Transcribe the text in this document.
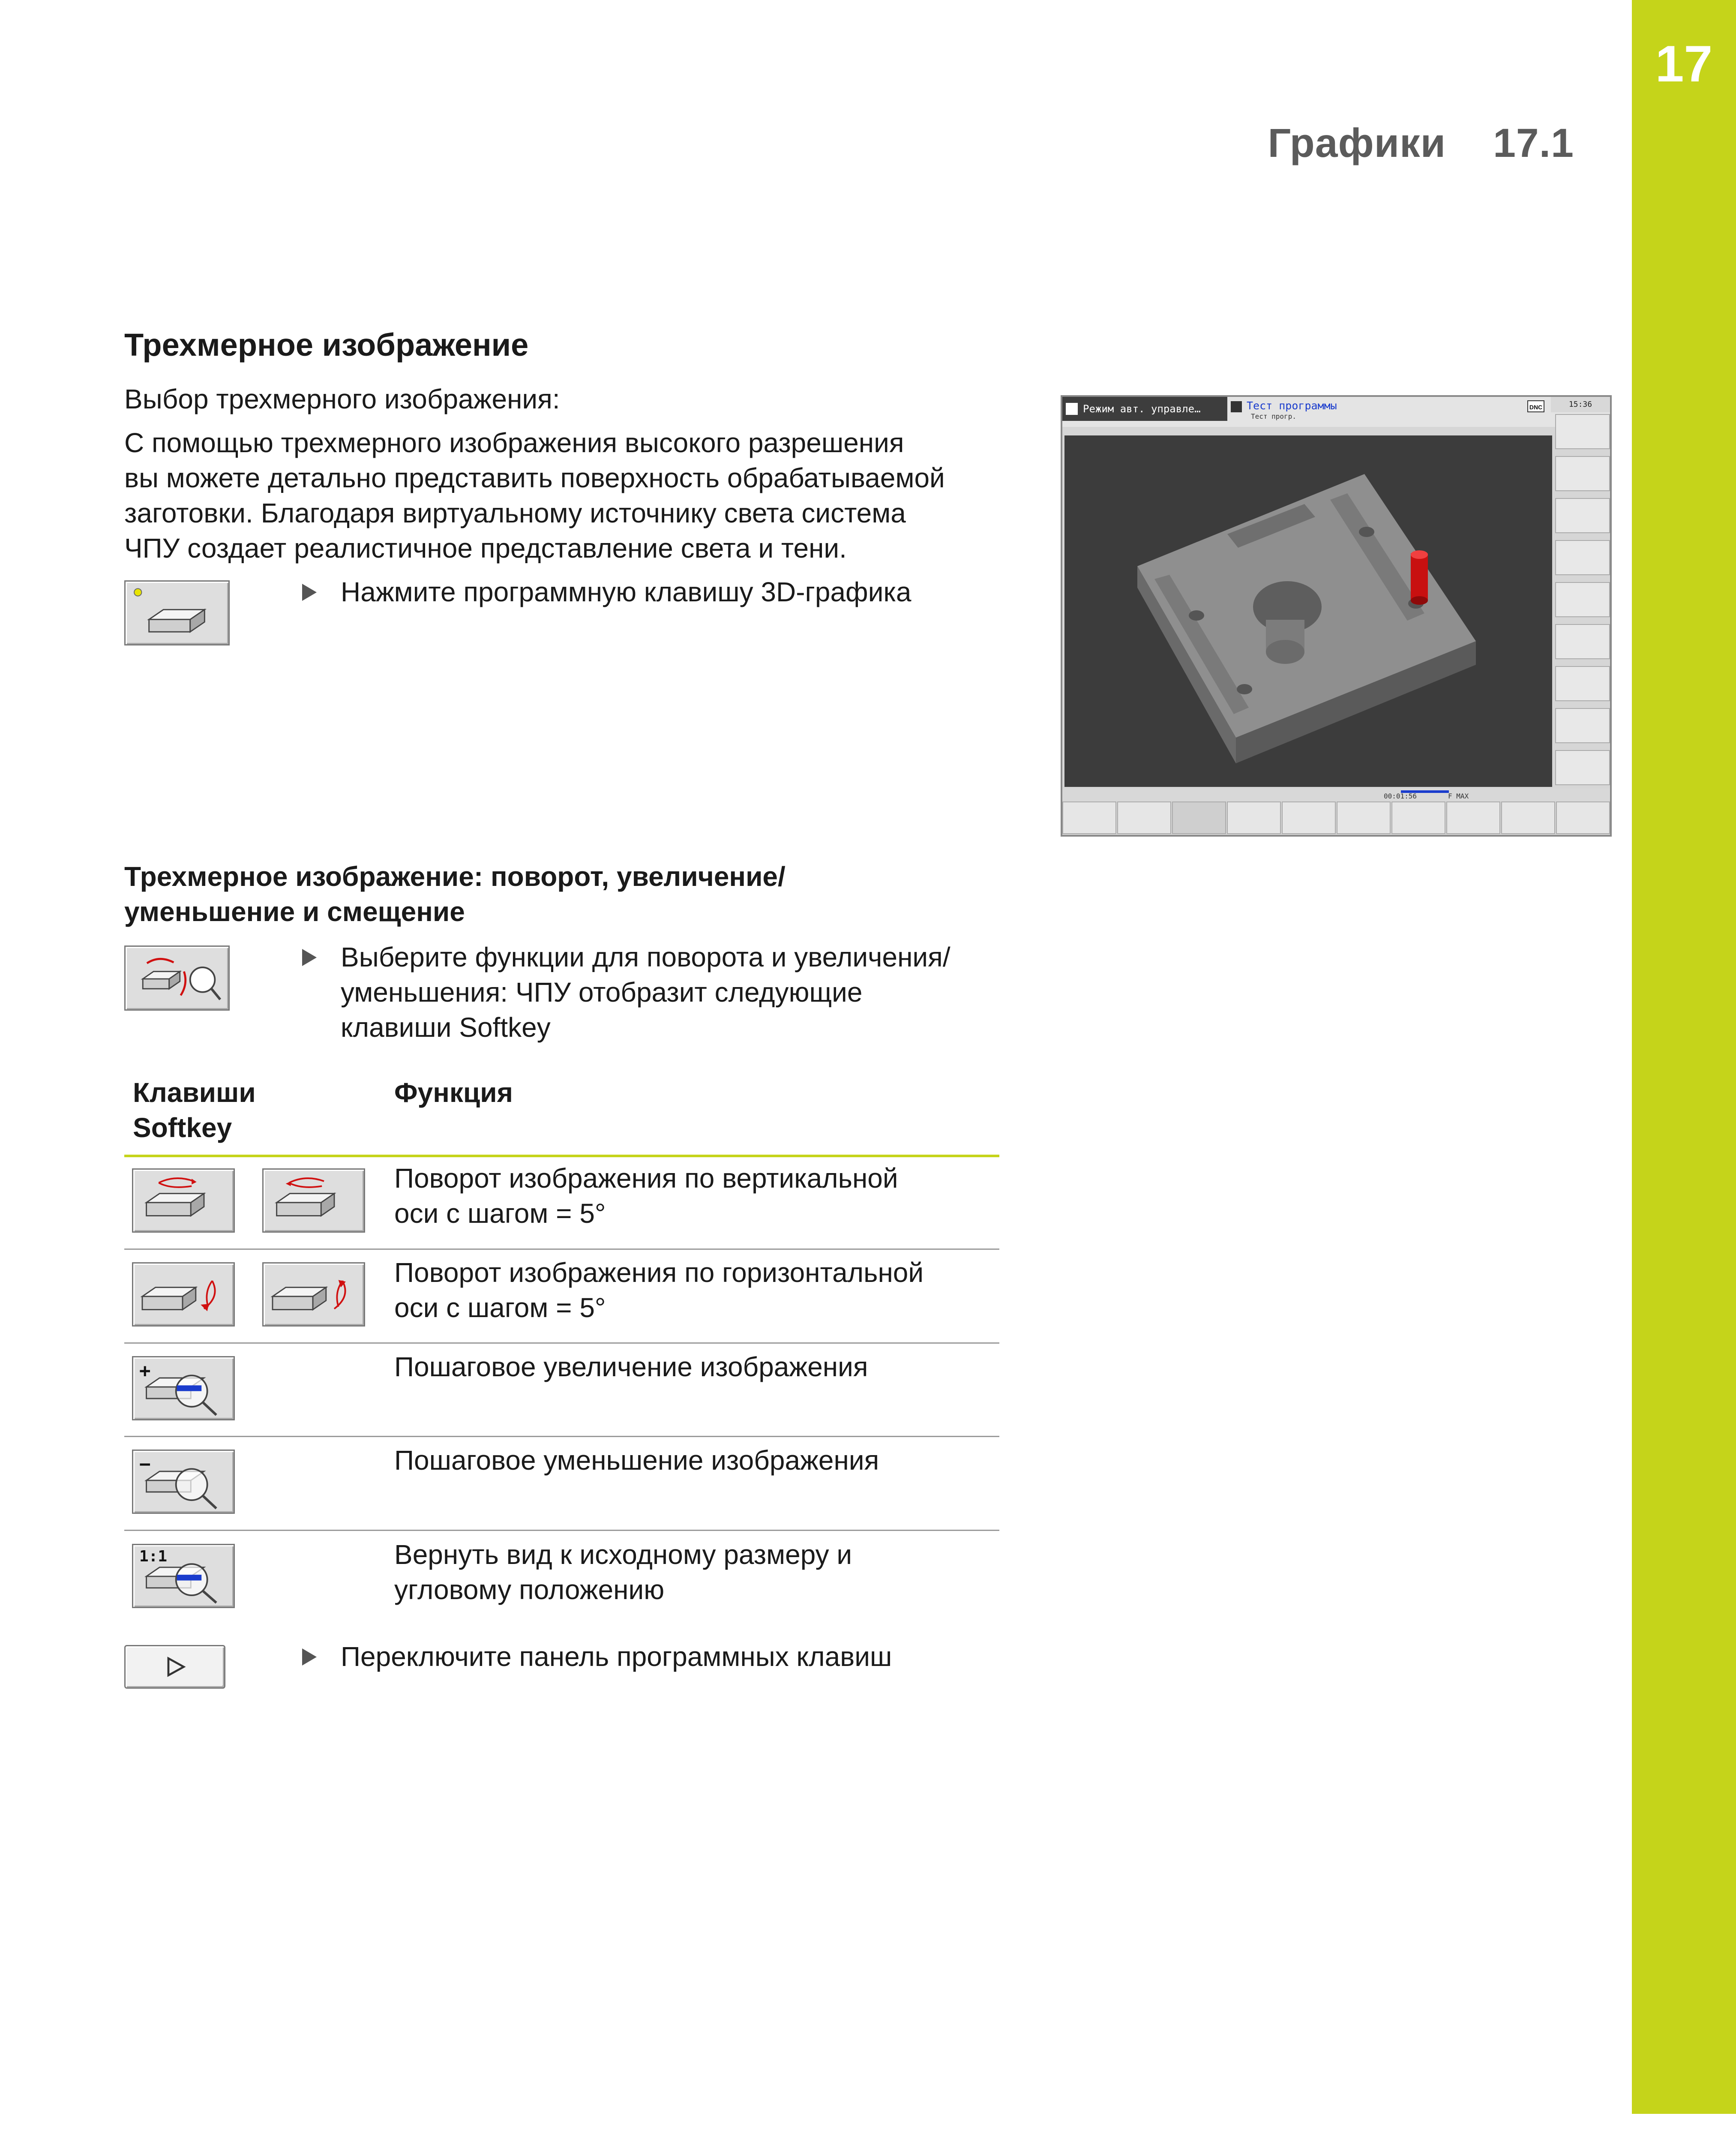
17
Графики 17.1
Трехмерное изображение
Выбор трехмерного изображения:
С помощью трехмерного изображения высокого разрешения
вы можете детально представить поверхность обрабатываемой
заготовки. Благодаря виртуальному источнику света система
ЧПУ создает реалистичное представление света и тени.
Нажмите программную клавишу 3D-графика
Режим авт. управле…	Тест программы
Тест прогр.
DNC	15:36
00:01:56	F MAX
Трехмерное изображение: поворот, увеличение/
уменьшение и смещение
Выберите функции для поворота и увеличения/
уменьшения: ЧПУ отобразит следующие
клавиши Softkey
Клавиши
Softkey
Функция
Поворот изображения по вертикальной
оси с шагом = 5°
Поворот изображения по горизонтальной
оси с шагом = 5°
+	Пошаговое увеличение изображения
−	Пошаговое уменьшение изображения
1:1	Вернуть вид к исходному размеру и
угловому положению
Переключите панель программных клавиш
